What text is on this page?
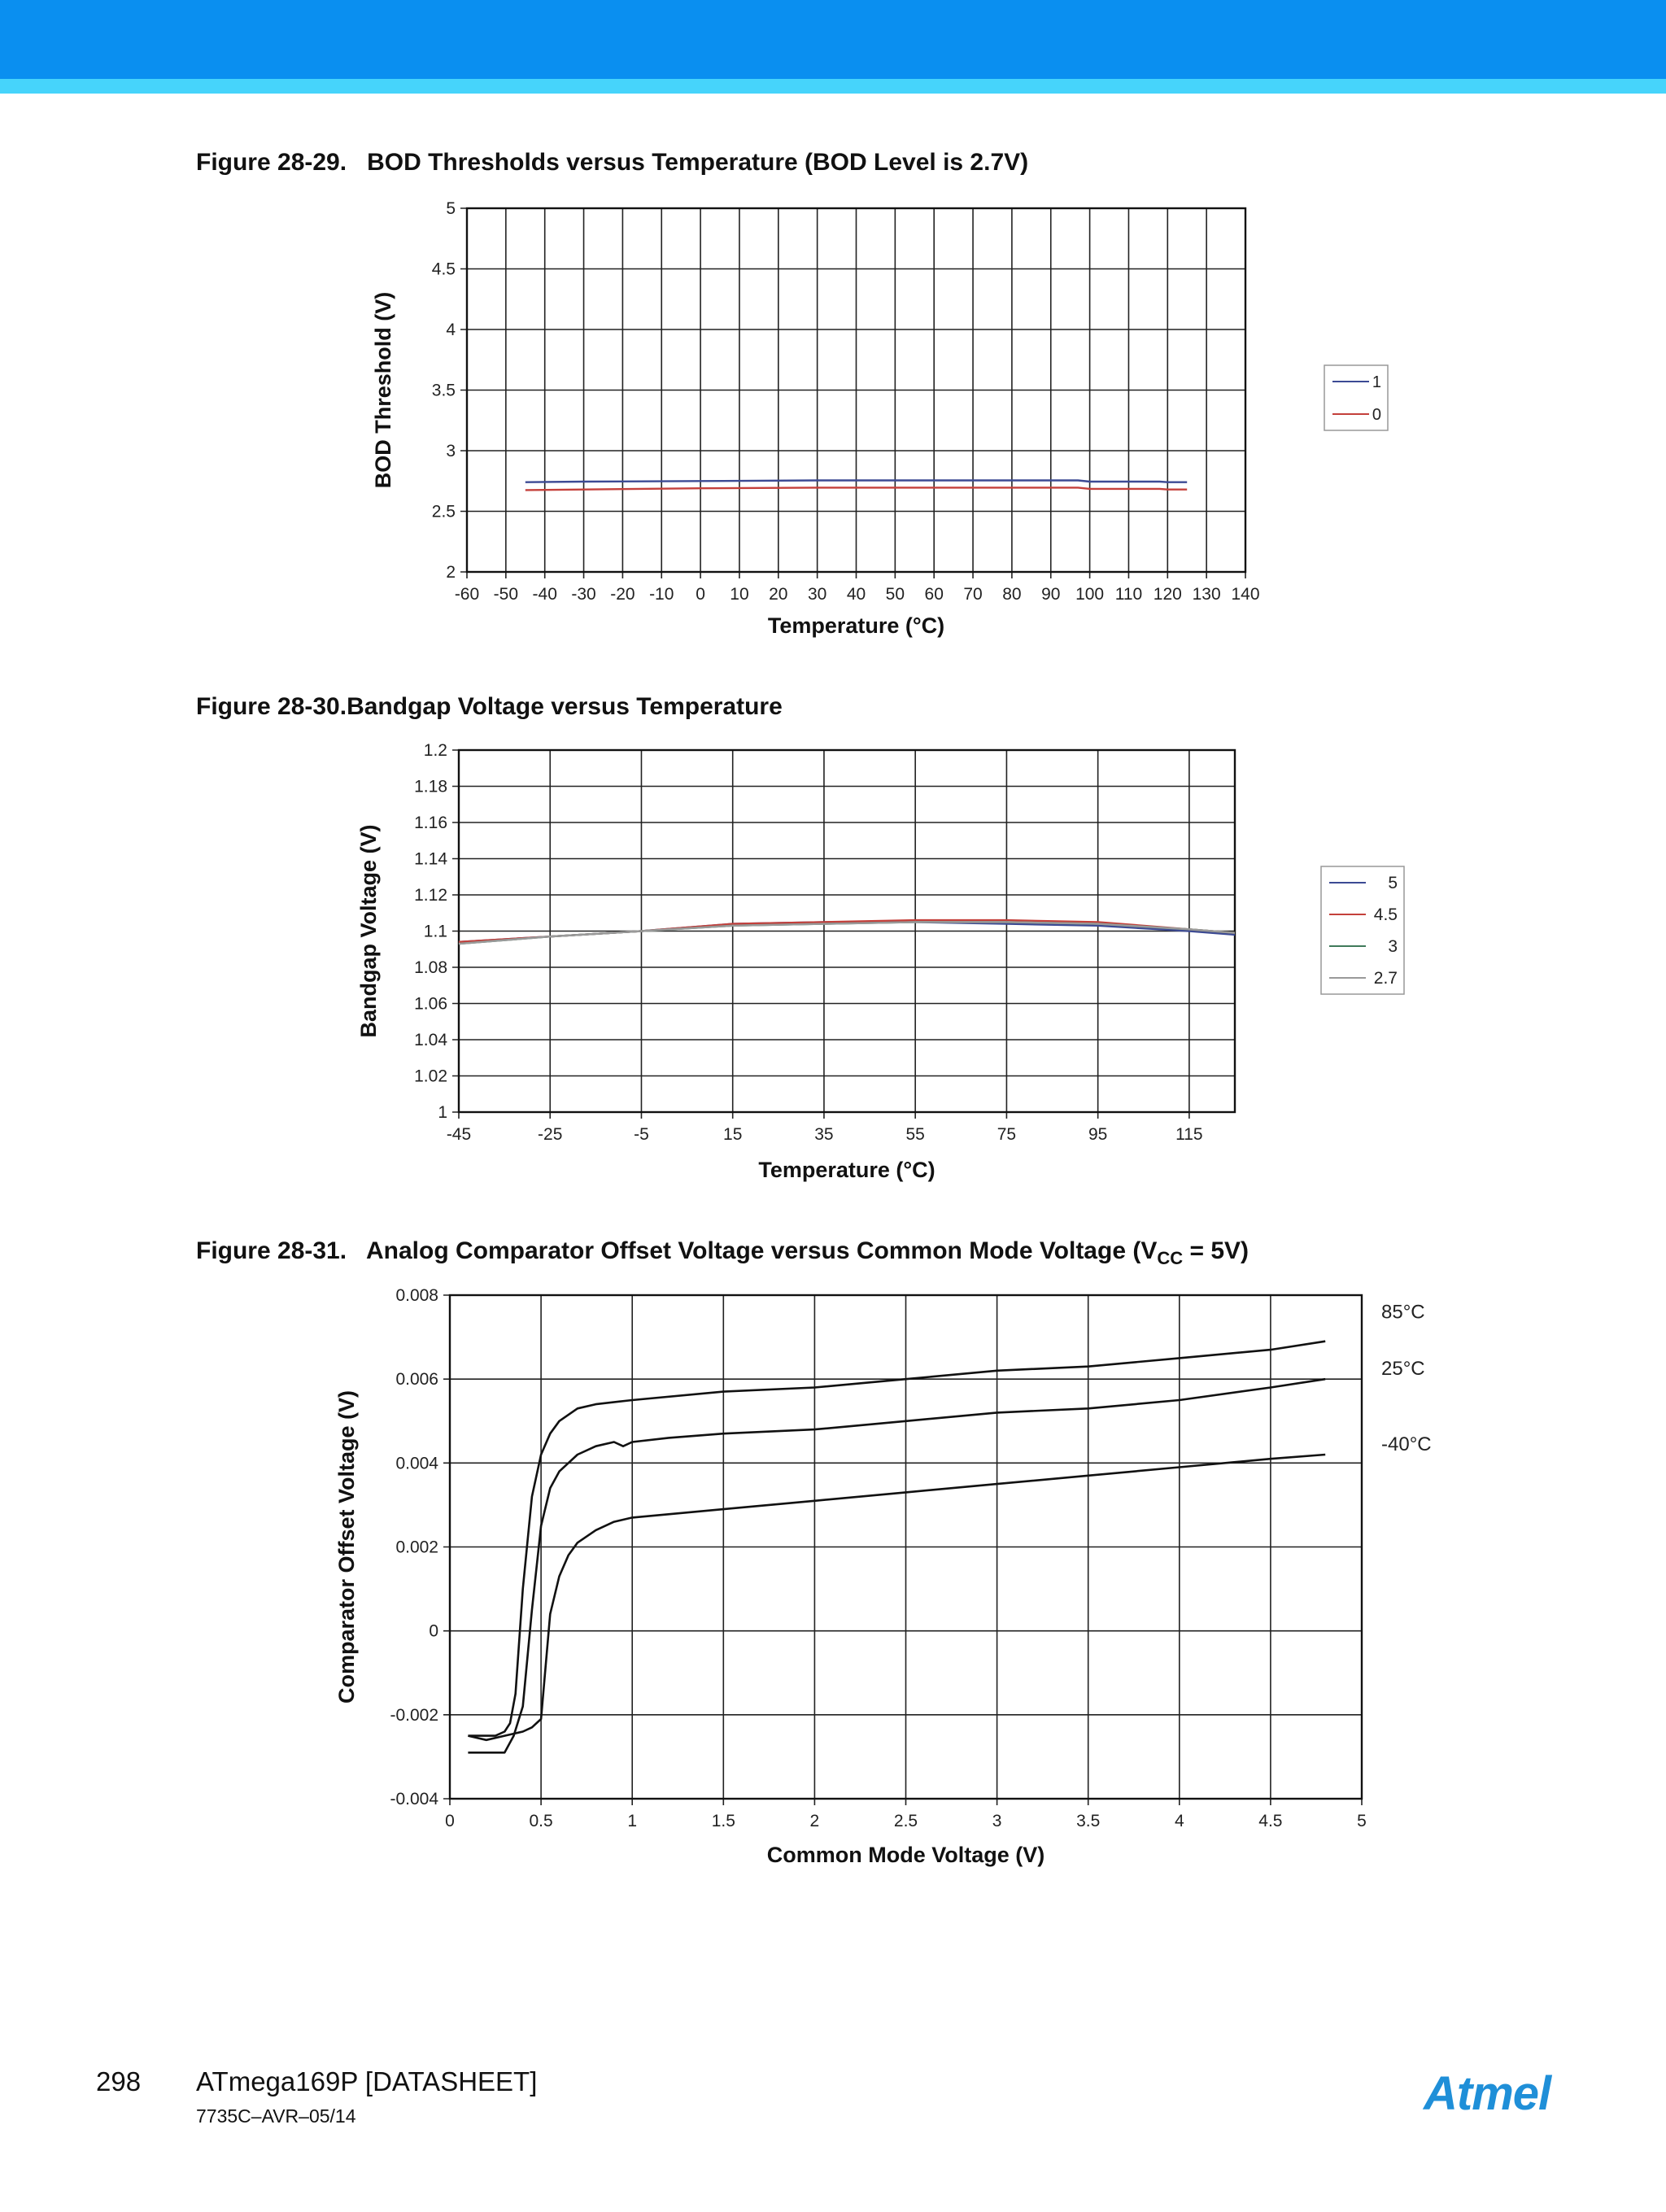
Figure 28-29. BOD Thresholds versus Temperature (BOD Level is 2.7V)
-60 -50 -40 -30 -20 -10 0 10 20 30 40 50 60 70 80 90 100 110 120 130 140
2
2.5
3
3.5
4
4.5
5
Temperature (°C)
BOD Threshold (V)	1
0
Figure 28-30.Bandgap Voltage versus Temperature
-45	-25	-5	15	35	55	75	95	115
1
1.02
1.04
1.06
1.08
1.1
1.12
1.14
1.16
1.18
1.2
Temperature (°C)
Bandgap Voltage (V)	5
4.5
3
2.7
Figure 28-31. Analog Comparator Offset Voltage versus Common Mode Voltage $(V_{CC} = 5V)$
0	0.5	1	1.5	2	2.5	3	3.5	4	4.5	5
-0.004
-0.002
0
0.002
0.004
0.006
0.008
Common Mode Voltage (V)
Comparator Offset Voltage (V)
85°C
25°C
-40°C
298 ATmega169P [DATASHEET]
7735C–AVR–05/14	Atmel
